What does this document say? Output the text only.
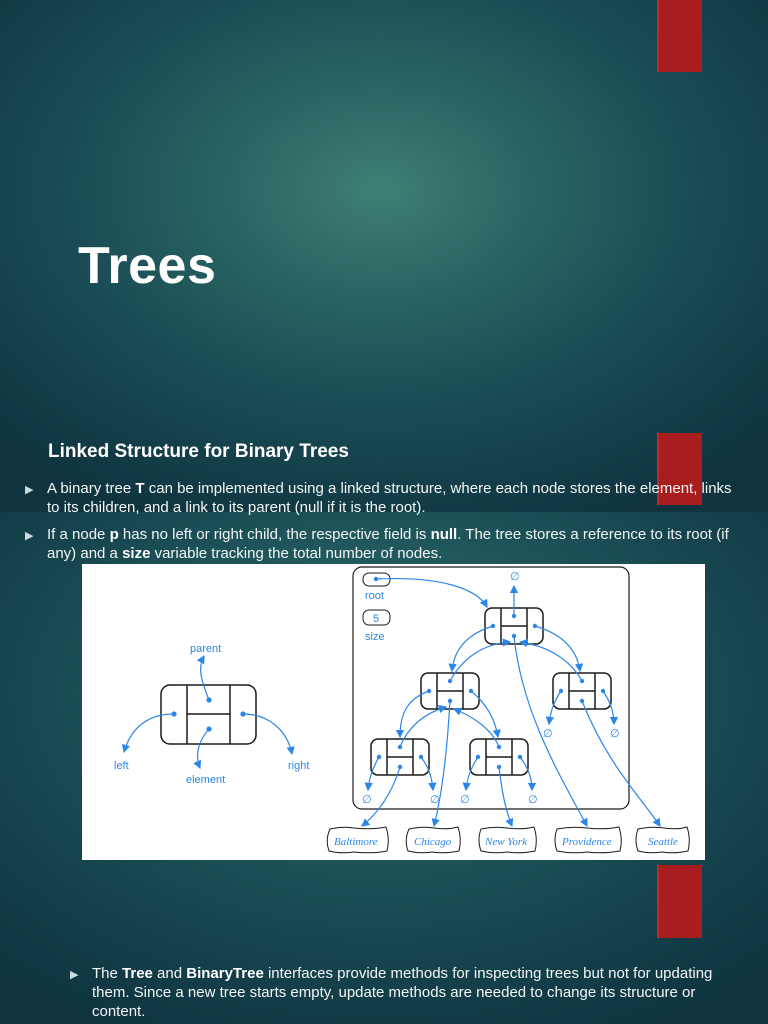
Trees
Linked Structure for Binary Trees
▶ A binary tree T can be implemented using a linked structure, where each node stores the element, links to its children, and a link to its parent (null if it is the root).
▶ If a node p has no left or right child, the respective field is null. The tree stores a reference to its root (if any) and a size variable tracking the total number of nodes.
parent
left	right
element
root
5
size
∅
∅	∅
∅	∅ ∅	∅
Baltimore	Chicago	New York	Providence	Seattle
▶ The Tree and BinaryTree interfaces provide methods for inspecting trees but not for updating them. Since a new tree starts empty, update methods are needed to change its structure or content.
